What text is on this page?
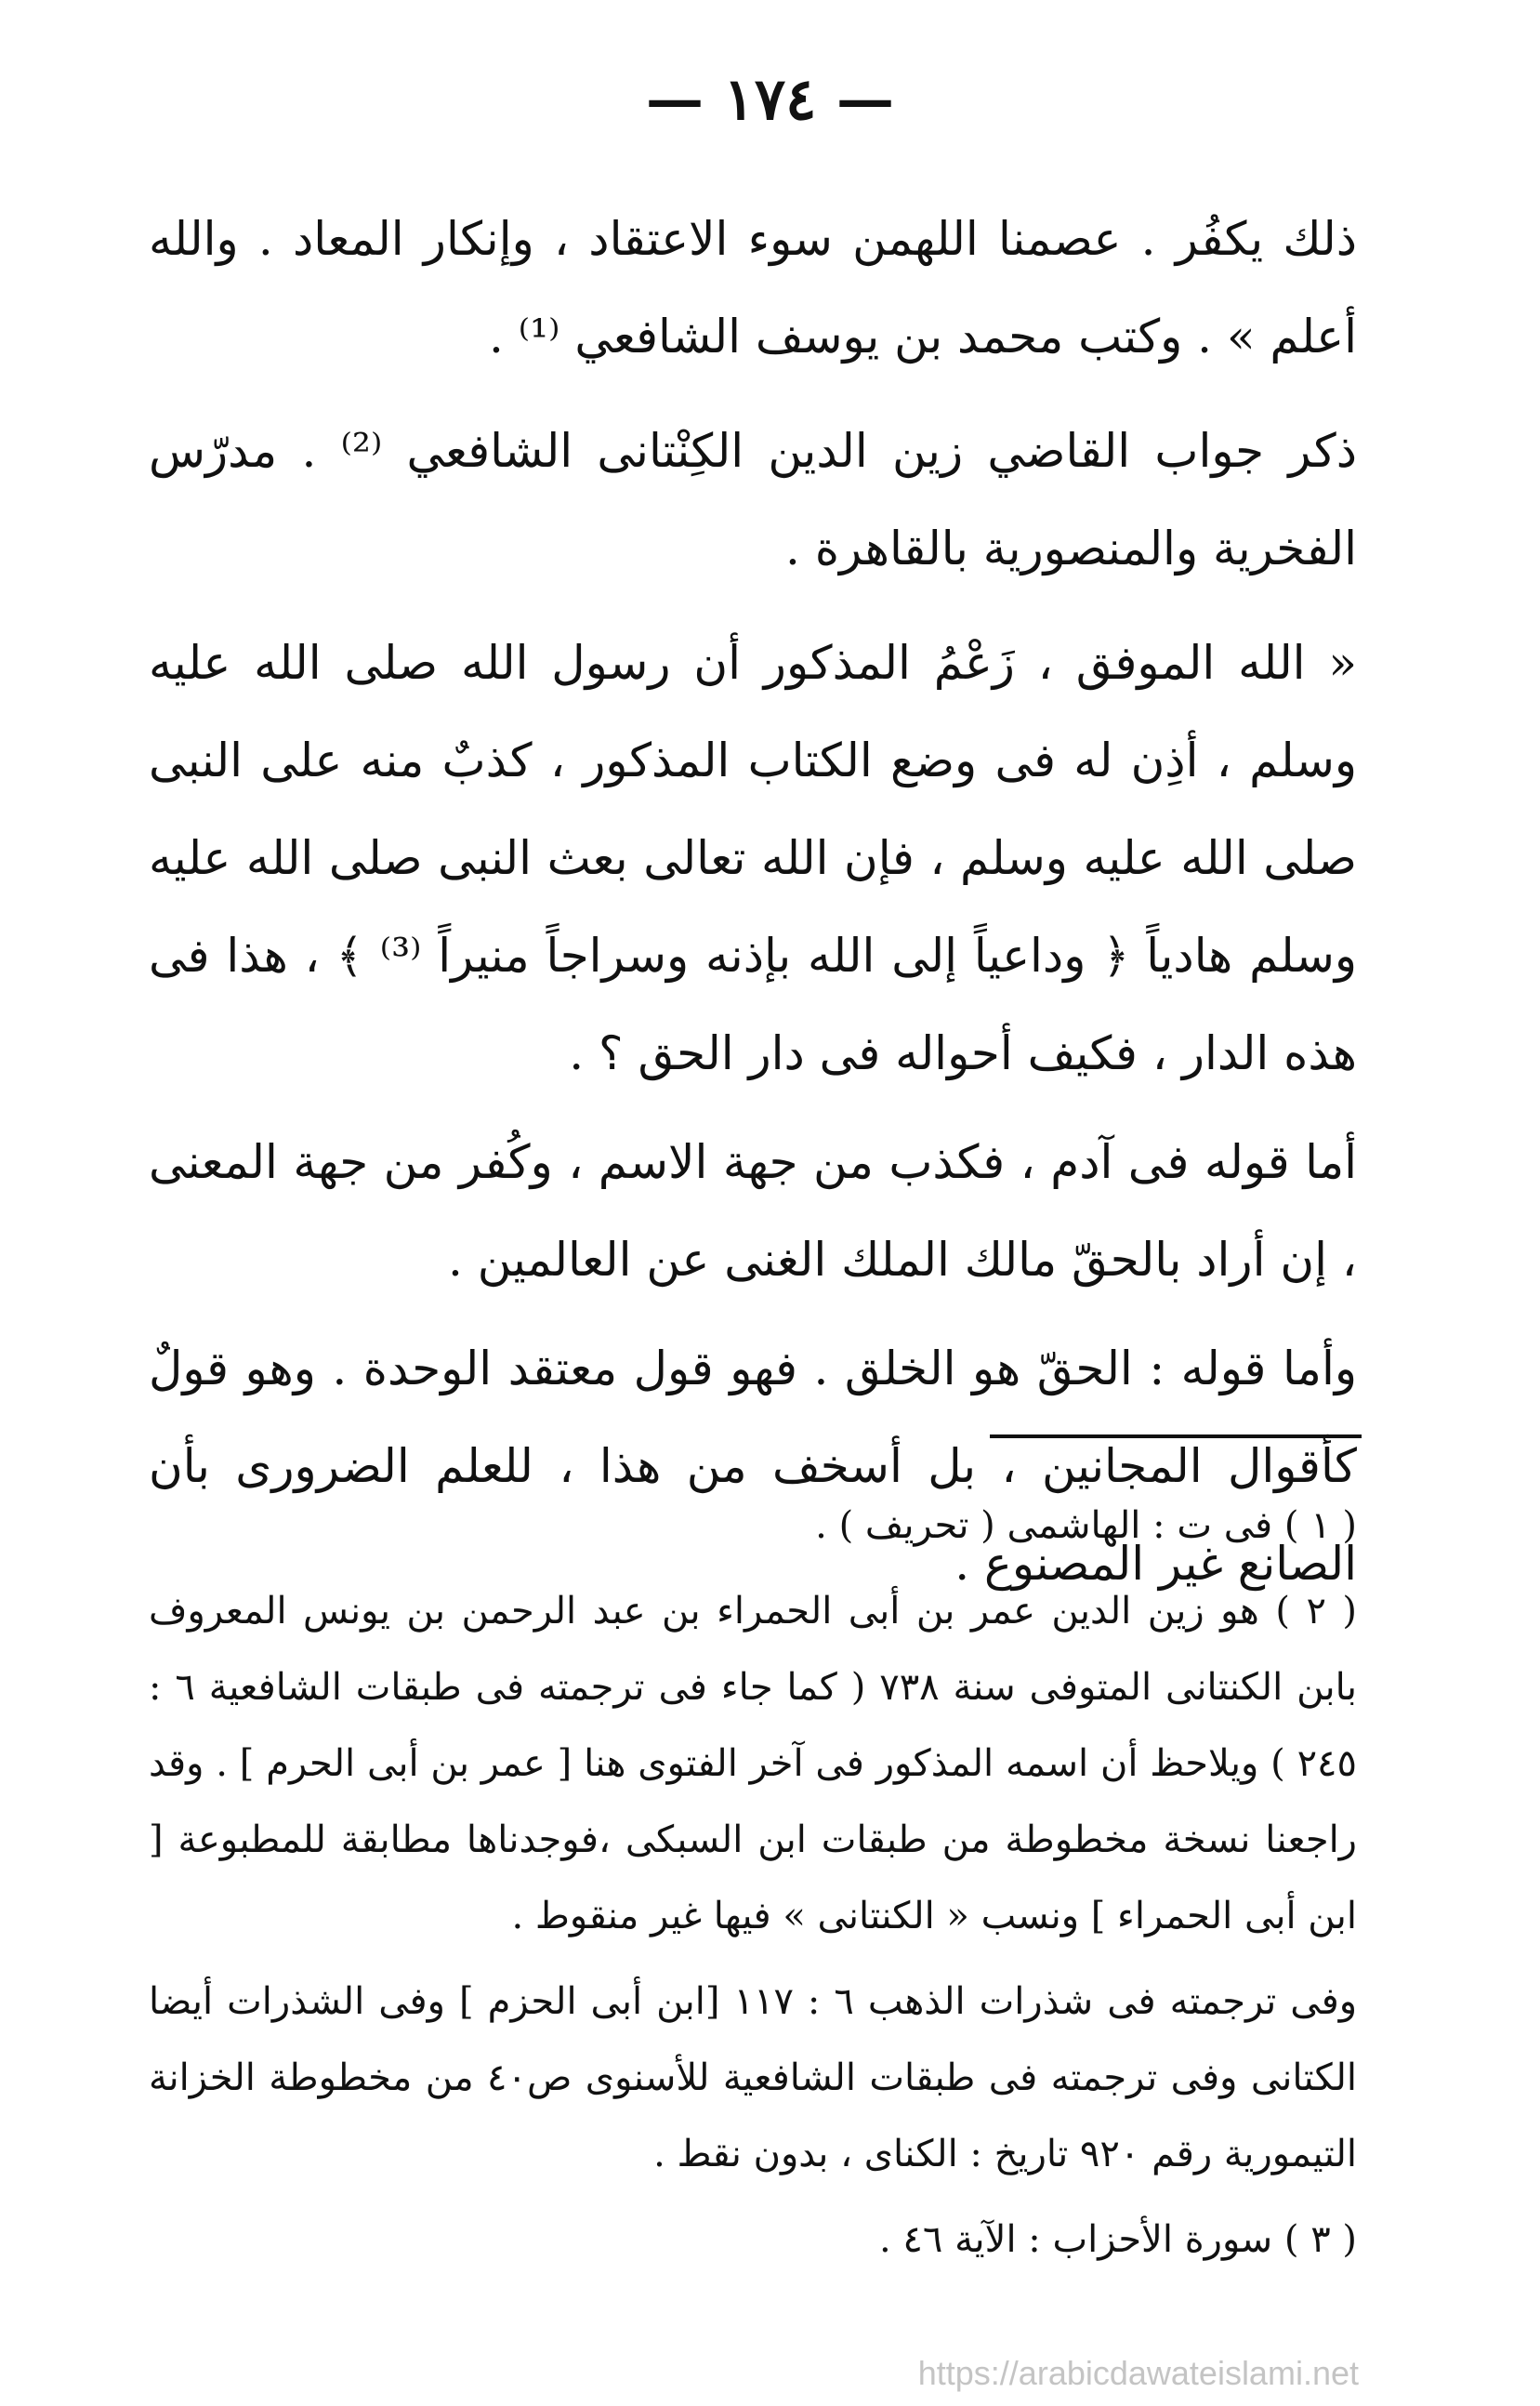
— ١٧٤ —

ذلك يكفُر . عصمنا اللهمن سوء الاعتقاد ، وإنكار المعاد . والله أعلم » . وكتب محمد بن يوسف الشافعي ⁽¹⁾ .

ذكر جواب القاضي زين الدين الكِنْتانى الشافعي ⁽²⁾ . مدرّس الفخرية والمنصورية بالقاهرة .

« الله الموفق ، زَعْمُ المذكور أن رسول الله صلى الله عليه وسلم ، أذِن له فى وضع الكتاب المذكور ، كذبٌ منه على النبى صلى الله عليه وسلم ، فإن الله تعالى بعث النبى صلى الله عليه وسلم هادياً ﴿ وداعياً إلى الله بإذنه وسراجاً منيراً ⁽³⁾ ﴾ ، هذا فى هذه الدار ، فكيف أحواله فى دار الحق ؟ .

أما قوله فى آدم ، فكذب من جهة الاسم ، وكُفر من جهة المعنى ، إن أراد بالحقّ مالك الملك الغنى عن العالمين .

وأما قوله : الحقّ هو الخلق . فهو قول معتقد الوحدة . وهو قولٌ كأقوال المجانين ، بل أسخف من هذا ، للعلم الضرورى بأن الصانع غير المصنوع .

( ١ ) فى ت : الهاشمى ( تحريف ) .

( ٢ ) هو زين الدين عمر بن أبى الحمراء بن عبد الرحمن بن يونس المعروف بابن الكنتانى المتوفى سنة ٧٣٨ ( كما جاء فى ترجمته فى طبقات الشافعية ٦ : ٢٤٥ ) ويلاحظ أن اسمه المذكور فى آخر الفتوى هنا [ عمر بن أبى الحرم ] . وقد راجعنا نسخة مخطوطة من طبقات ابن السبكى ،فوجدناها مطابقة للمطبوعة [ ابن أبى الحمراء ] ونسب « الكنتانى » فيها غير منقوط .

وفى ترجمته فى شذرات الذهب ٦ : ١١٧ [ابن أبى الحزم ] وفى الشذرات أيضا الكتانى وفى ترجمته فى طبقات الشافعية للأسنوى ص٤٠ من مخطوطة الخزانة التيمورية رقم ٩٢٠ تاريخ : الكناى ، بدون نقط .

( ٣ ) سورة الأحزاب : الآية ٤٦ .

https://arabicdawateislami.net
